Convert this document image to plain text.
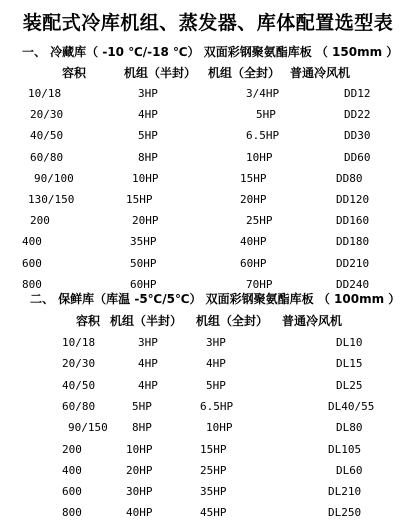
装配式冷库机组、蒸发器、库体配置选型表
一、 冷藏库（ -10 ℃/-18 ℃） 双面彩钢聚氨酯库板 （ 150mm ）
容积	机组（半封） 机组（全封） 普通冷风机
10/18	3HP	3/4HP	DD12
20/30	4HP	5HP	DD22
40/50	5HP	6.5HP	DD30
60/80	8HP	10HP	DD60
90/100	10HP	15HP	DD80
130/150	15HP	20HP	DD120
200	20HP	25HP	DD160
400	35HP	40HP	DD180
600	50HP	60HP	DD210
800	60HP	70HP	DD240
二、 保鲜库（库温 -5℃/5℃） 双面彩钢聚氨酯库板 （ 100mm ）
容积 机组（半封） 机组（全封） 普通冷风机
10/18	3HP	3HP	DL10
20/30	4HP	4HP	DL15
40/50	4HP	5HP	DL25
60/80	5HP	6.5HP	DL40/55
90/150 8HP	10HP	DL80
200	10HP	15HP	DL105
400	20HP	25HP	DL60
600	30HP	35HP	DL210
800	40HP	45HP	DL250
